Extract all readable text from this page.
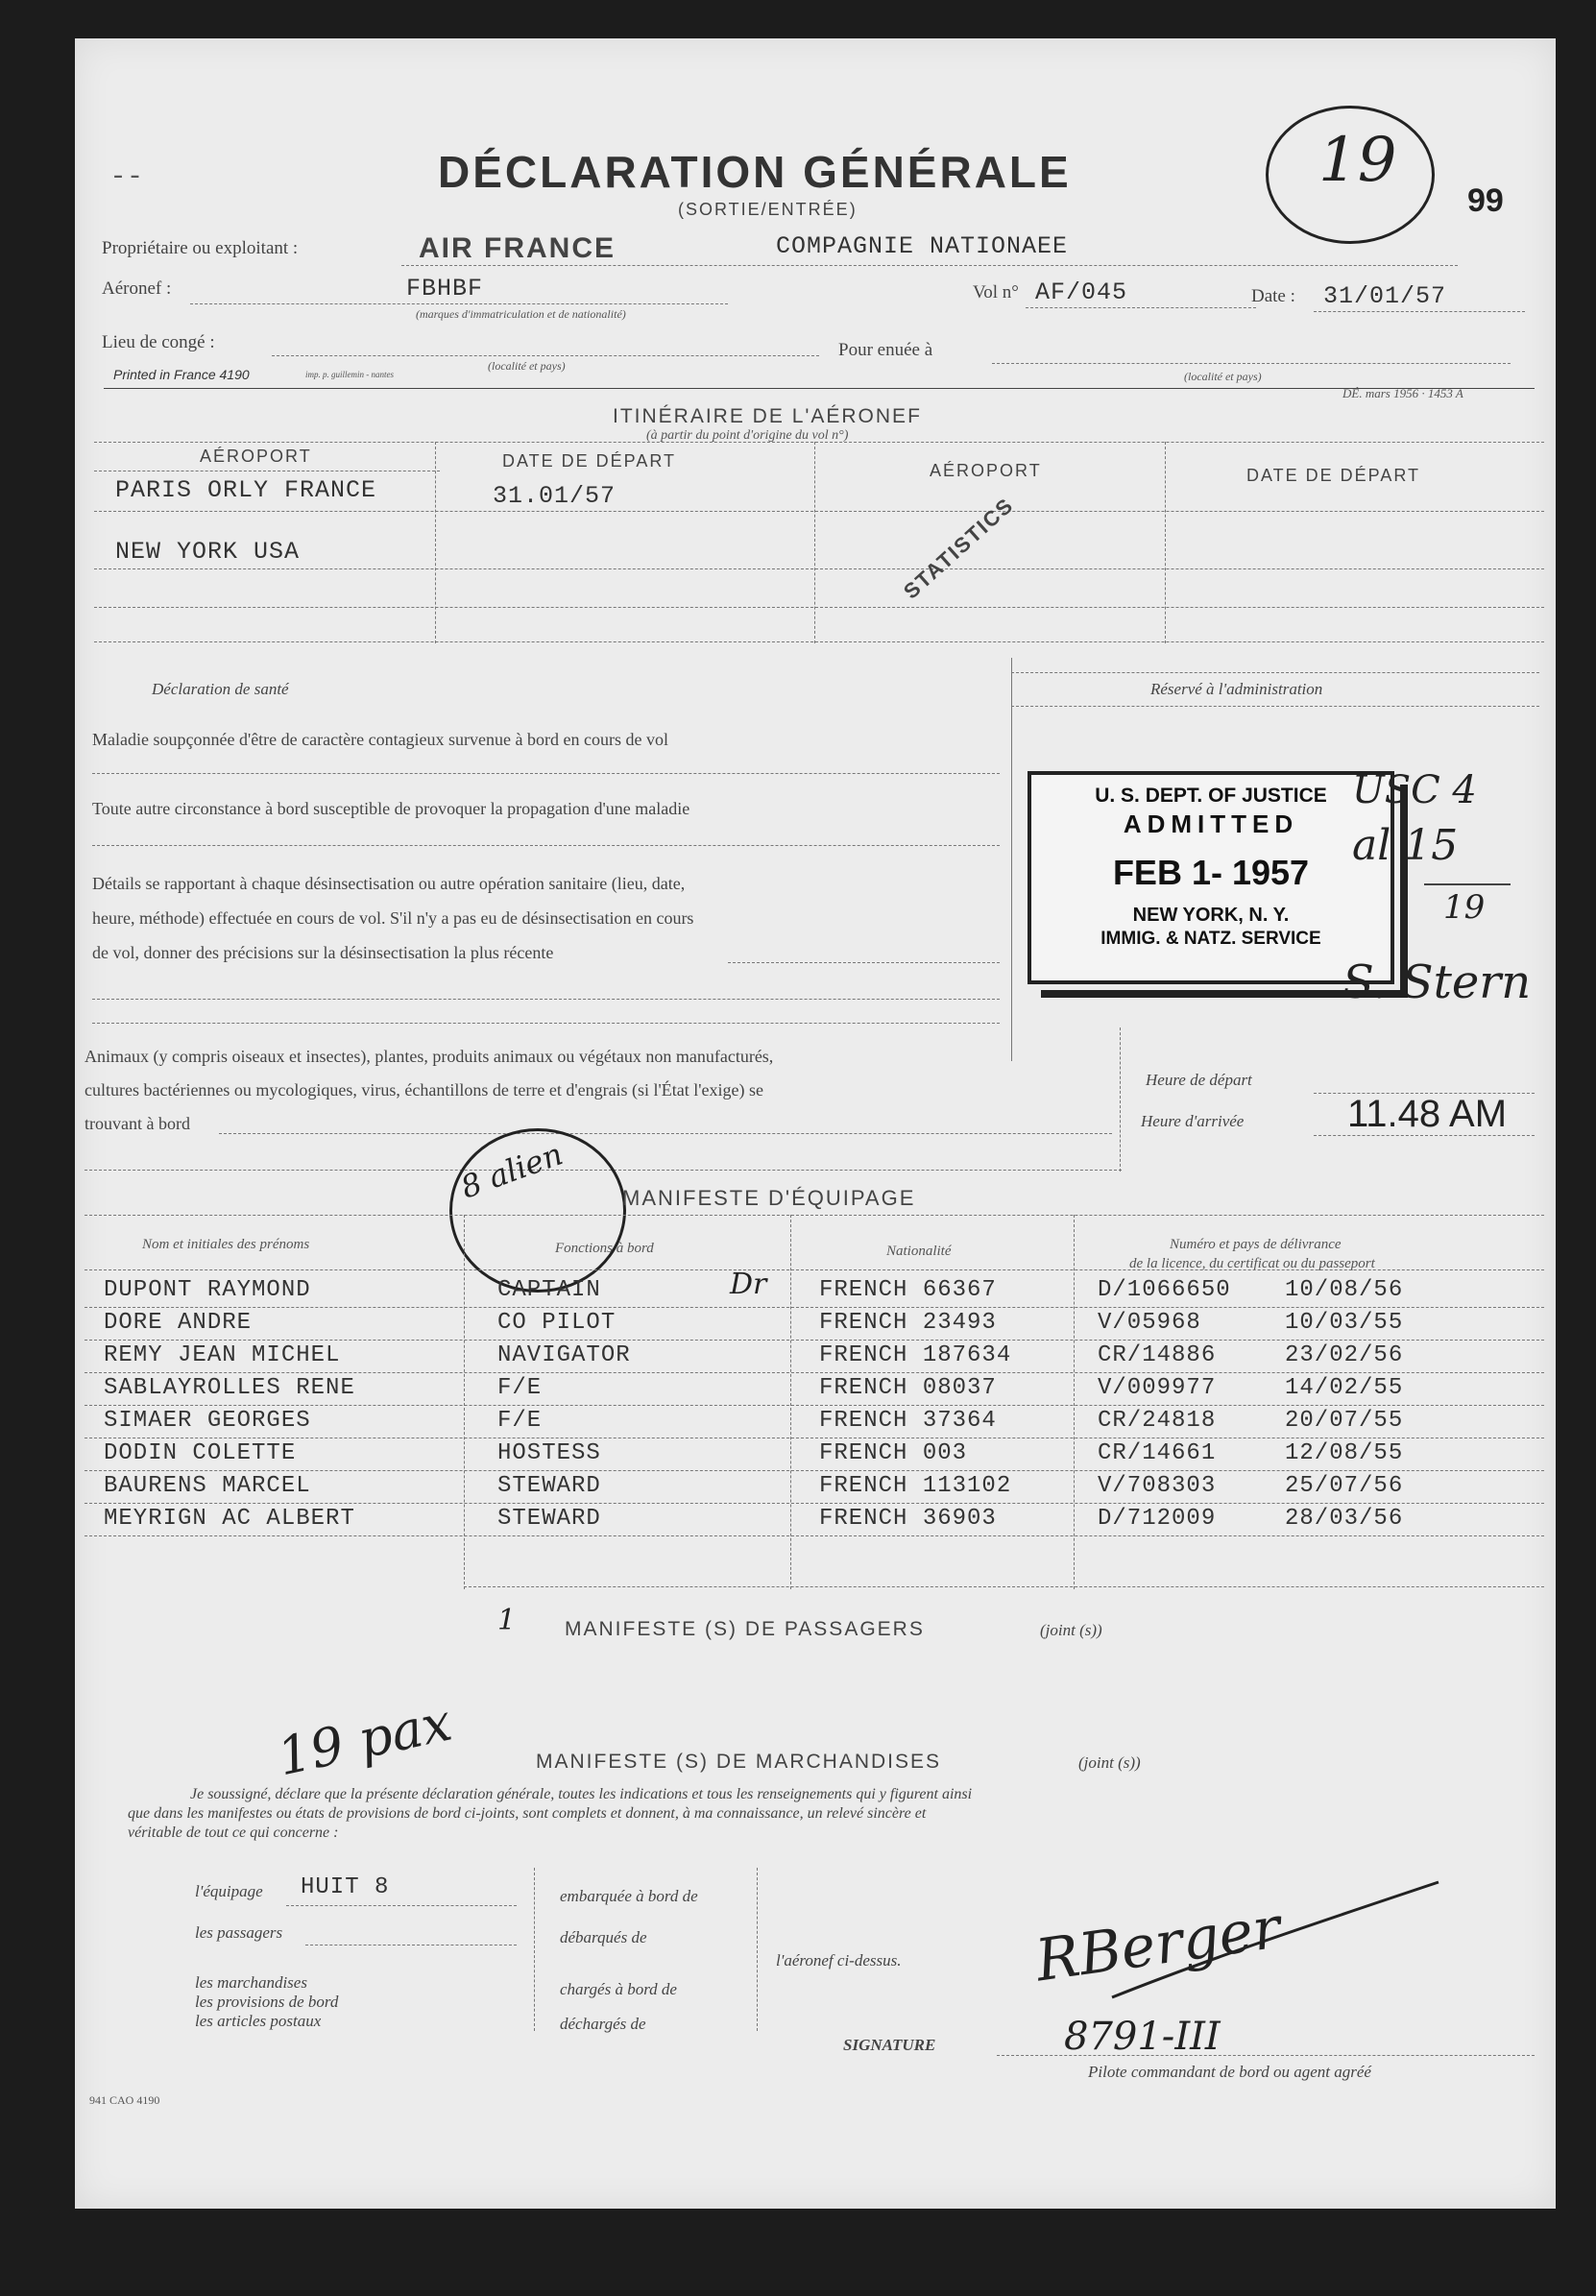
- -	DÉCLARATION GÉNÉRALE
(SORTIE/ENTRÉE)
19
99
Propriétaire ou exploitant :	AIR FRANCE	COMPAGNIE NATIONAEE
Aéronef :	FBHBF
(marques d'immatriculation et de nationalité)
Vol n° AF/045	Date : 31/01/57
Lieu de congé :
(localité et pays)
Pour enuée à
(localité et pays)
Printed in France 4190	imp. p. guillemin - nantes
DÉ. mars 1956 · 1453 A
ITINÉRAIRE DE L'AÉRONEF
(à partir du point d'origine du vol n°)
AÉROPORT	DATE DE DÉPART	AÉROPORT	DATE DE DÉPART
PARIS ORLY FRANCE	31.01/57
NEW YORK USA	STATISTICS
Déclaration de santé	Réservé à l'administration
Maladie soupçonnée d'être de caractère contagieux survenue à bord en cours de vol
Toute autre circonstance à bord susceptible de provoquer la propagation d'une maladie
Détails se rapportant à chaque désinsectisation ou autre opération sanitaire (lieu, date,
heure, méthode) effectuée en cours de vol. S'il n'y a pas eu de désinsectisation en cours
de vol, donner des précisions sur la désinsectisation la plus récente
Animaux (y compris oiseaux et insectes), plantes, produits animaux ou végétaux non manufacturés,
cultures bactériennes ou mycologiques, virus, échantillons de terre et d'engrais (si l'État l'exige) se
trouvant à bord
U. S. DEPT. OF JUSTICE
ADMITTED
FEB 1- 1957
NEW YORK, N. Y.
IMMIG. & NATZ. SERVICE
USC 4
al 15
19
S. Stern
Heure de départ
Heure d'arrivée	11.48 AM
8 alien	MANIFESTE D'ÉQUIPAGE
Nom et initiales des prénoms	Fonctions à bord	Nationalité	Numéro et pays de délivrance
de la licence, du certificat ou du passeport
Dr
DUPONT RAYMOND	CAPTAIN	FRENCH 66367	D/1066650 10/08/56
DORE ANDRE	CO PILOT	FRENCH 23493	V/05968	10/03/55
REMY JEAN MICHEL	NAVIGATOR	FRENCH 187634	CR/14886	23/02/56
SABLAYROLLES RENE	F/E	FRENCH 08037	V/009977	14/02/55
SIMAER GEORGES	F/E	FRENCH 37364	CR/24818	20/07/55
DODIN COLETTE	HOSTESS	FRENCH 003	CR/14661	12/08/55
BAURENS MARCEL	STEWARD	FRENCH 113102	V/708303	25/07/56
MEYRIGN AC ALBERT	STEWARD	FRENCH 36903	D/712009	28/03/56
1 MANIFESTE (S) DE PASSAGERS	(joint (s))
19 pax	MANIFESTE (S) DE MARCHANDISES	(joint (s))
Je soussigné, déclare que la présente déclaration générale, toutes les indications et tous les renseignements qui y figurent ainsi
que dans les manifestes ou états de provisions de bord ci-joints, sont complets et donnent, à ma connaissance, un relevé sincère et
véritable de tout ce qui concerne :
l'équipage HUIT 8	embarquée à bord de
les passagers	débarqués de
les marchandises
les provisions de bord
les articles postaux
chargés à bord de
déchargés de
l'aéronef ci-dessus. RBerger
SIGNATURE	8791-III
Pilote commandant de bord ou agent agréé
941 CAO 4190
